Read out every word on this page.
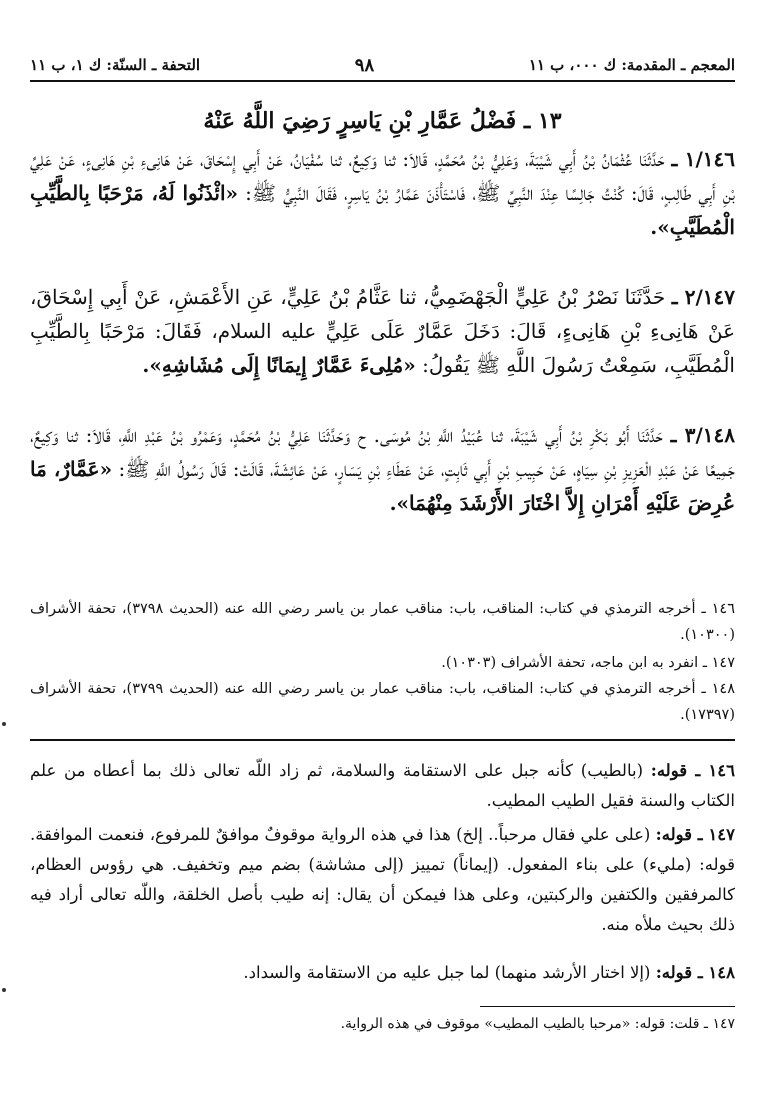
المعجم ـ المقدمة: ك ٠٠٠، ب ١١
٩٨
التحفة ـ السنّة: ك ١، ب ١١
١٣ ـ فَضْلُ عَمَّارِ بْنِ يَاسِرٍ رَضِيَ اللَّهُ عَنْهُ
١/١٤٦ ـ حَدَّثَنَا عُثْمَانُ بْنُ أَبِي شَيْبَةَ، وَعَلِيُّ بْنُ مُحَمَّدٍ، قَالاَ: ثنا وَكِيعٌ، ثنا سُفْيَانُ، عَنْ أَبِي إِسْحَاقَ، عَنْ هَانِىءِ بْنِ هَانِىءٍ، عَنْ عَلِيِّ بْنِ أَبِي طَالِبٍ، قَالَ: كُنْتُ جَالِسًا عِنْدَ النَّبِيِّ ﷺ، فَاسْتَأْذَنَ عَمَّارُ بْنُ يَاسِرٍ، فَقَالَ النَّبِيُّ ﷺ: «ائْذَنُوا لَهُ، مَرْحَبًا بِالطَّيِّبِ الْمُطَيَّبِ».
٢/١٤٧ ـ حَدَّثَنَا نَصْرُ بْنُ عَلِيٍّ الْجَهْضَمِيُّ، ثنا عَثَّامُ بْنُ عَلِيٍّ، عَنِ الأَعْمَشِ، عَنْ أَبِي إِسْحَاقَ، عَنْ هَانِىءِ بْنِ هَانِىءٍ، قَالَ: دَخَلَ عَمَّارٌ عَلَى عَلِيٍّ عليه السلام، فَقَالَ: مَرْحَبًا بِالطَّيِّبِ الْمُطَيَّبِ، سَمِعْتُ رَسُولَ اللَّهِ ﷺ يَقُولُ: «مُلِىءَ عَمَّارٌ إِيمَانًا إِلَى مُشَاشِهِ».
٣/١٤٨ ـ حَدَّثَنَا أَبُو بَكْرِ بْنُ أَبِي شَيْبَةَ، ثنا عُبَيْدُ اللَّهِ بْنُ مُوسَى. ح وَحَدَّثَنَا عَلِيُّ بْنُ مُحَمَّدٍ، وَعَمْرُو بْنُ عَبْدِ اللَّهِ، قَالاَ: ثنا وَكِيعٌ، جَمِيعًا عَنْ عَبْدِ الْعَزِيزِ بْنِ سِيَاهٍ، عَنْ حَبِيبِ بْنِ أَبِي ثَابِتٍ، عَنْ عَطَاءِ بْنِ يَسَارٍ، عَنْ عَائِشَةَ، قَالَتْ: قَالَ رَسُولُ اللَّهِ ﷺ: «عَمَّارٌ، مَا عُرِضَ عَلَيْهِ أَمْرَانِ إِلاَّ اخْتَارَ الأَرْشَدَ مِنْهُمَا».
١٤٦ ـ أخرجه الترمذي في كتاب: المناقب، باب: مناقب عمار بن ياسر رضي الله عنه (الحديث ٣٧٩٨)، تحفة الأشراف (١٠٣٠٠).
١٤٧ ـ انفرد به ابن ماجه، تحفة الأشراف (١٠٣٠٣).
١٤٨ ـ أخرجه الترمذي في كتاب: المناقب، باب: مناقب عمار بن ياسر رضي الله عنه (الحديث ٣٧٩٩)، تحفة الأشراف (١٧٣٩٧).
١٤٦ ـ قوله: (بالطيب) كأنه جبل على الاستقامة والسلامة، ثم زاد اللّه تعالى ذلك بما أعطاه من علم الكتاب والسنة فقيل الطيب المطيب.
١٤٧ ـ قوله: (على علي فقال مرحباً.. إلخ) هذا في هذه الرواية موقوفٌ موافقٌ للمرفوع، فنعمت الموافقة. قوله: (مليء) على بناء المفعول. (إيماناً) تمييز (إلى مشاشة) بضم ميم وتخفيف. هي رؤوس العظام، كالمرفقين والكتفين والركبتين، وعلى هذا فيمكن أن يقال: إنه طيب بأصل الخلقة، واللّه تعالى أراد فيه ذلك بحيث ملأه منه.
١٤٨ ـ قوله: (إلا اختار الأرشد منهما) لما جبل عليه من الاستقامة والسداد.
١٤٧ ـ قلت: قوله: «مرحبا بالطيب المطيب» موقوف في هذه الرواية.
